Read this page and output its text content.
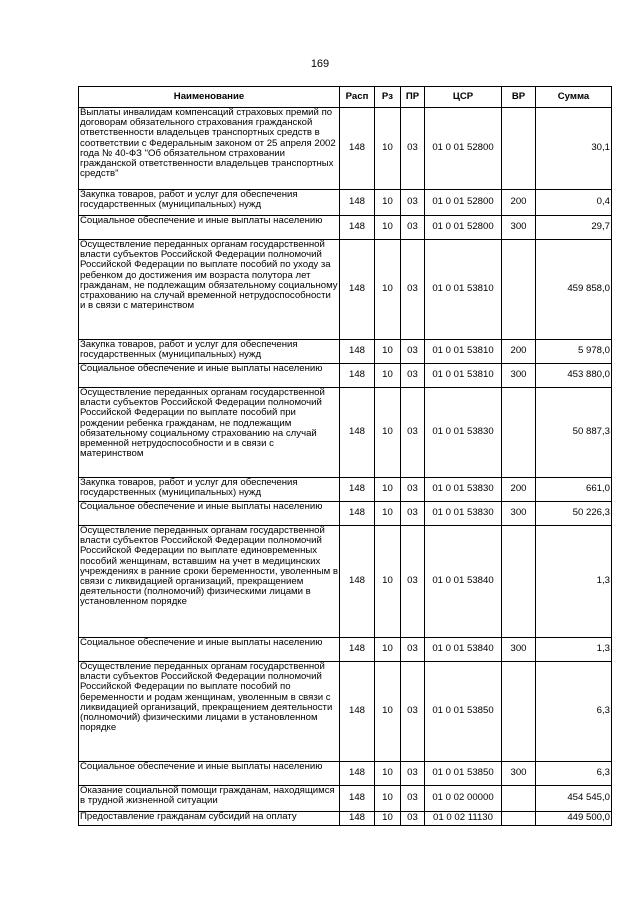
169
Наименование	Расп	Рз	ПР	ЦСР	ВР	Сумма
Выплаты инвалидам компенсаций страховых премий по договорам обязательного страхования гражданской ответственности владельцев транспортных средств в соответствии с Федеральным законом от 25 апреля 2002 года № 40-ФЗ "Об обязательном страховании гражданской ответственности владельцев транспортных средств"	148	10	03	01 0 01 52800		30,1
Закупка товаров, работ и услуг для обеспечения государственных (муниципальных) нужд	148	10	03	01 0 01 52800	200	0,4
Социальное обеспечение и иные выплаты населению	148	10	03	01 0 01 52800	300	29,7
Осуществление переданных органам государственной власти субъектов Российской Федерации полномочий Российской Федерации по выплате пособий по уходу за ребенком до достижения им возраста полутора лет гражданам, не подлежащим обязательному социальному страхованию на случай временной нетрудоспособности и в связи с материнством	148	10	03	01 0 01 53810		459 858,0
Закупка товаров, работ и услуг для обеспечения государственных (муниципальных) нужд	148	10	03	01 0 01 53810	200	5 978,0
Социальное обеспечение и иные выплаты населению	148	10	03	01 0 01 53810	300	453 880,0
Осуществление переданных органам государственной власти субъектов Российской Федерации полномочий Российской Федерации по выплате пособий при рождении ребенка гражданам, не подлежащим обязательному социальному страхованию на случай временной нетрудоспособности и в связи с материнством	148	10	03	01 0 01 53830		50 887,3
Закупка товаров, работ и услуг для обеспечения государственных (муниципальных) нужд	148	10	03	01 0 01 53830	200	661,0
Социальное обеспечение и иные выплаты населению	148	10	03	01 0 01 53830	300	50 226,3
Осуществление переданных органам государственной власти субъектов Российской Федерации полномочий Российской Федерации по выплате единовременных пособий женщинам, вставшим на учет в медицинских учреждениях в ранние сроки беременности, уволенным в связи с ликвидацией организаций, прекращением деятельности (полномочий) физическими лицами в установленном порядке	148	10	03	01 0 01 53840		1,3
Социальное обеспечение и иные выплаты населению	148	10	03	01 0 01 53840	300	1,3
Осуществление переданных органам государственной власти субъектов Российской Федерации полномочий Российской Федерации по выплате пособий по беременности и родам женщинам, уволенным в связи с ликвидацией организаций, прекращением деятельности (полномочий) физическими лицами в установленном порядке	148	10	03	01 0 01 53850		6,3
Социальное обеспечение и иные выплаты населению	148	10	03	01 0 01 53850	300	6,3
Оказание социальной помощи гражданам, находящимся в трудной жизненной ситуации	148	10	03	01 0 02 00000		454 545,0
Предоставление гражданам субсидий на оплату	148	10	03	01 0 02 11130		449 500,0
